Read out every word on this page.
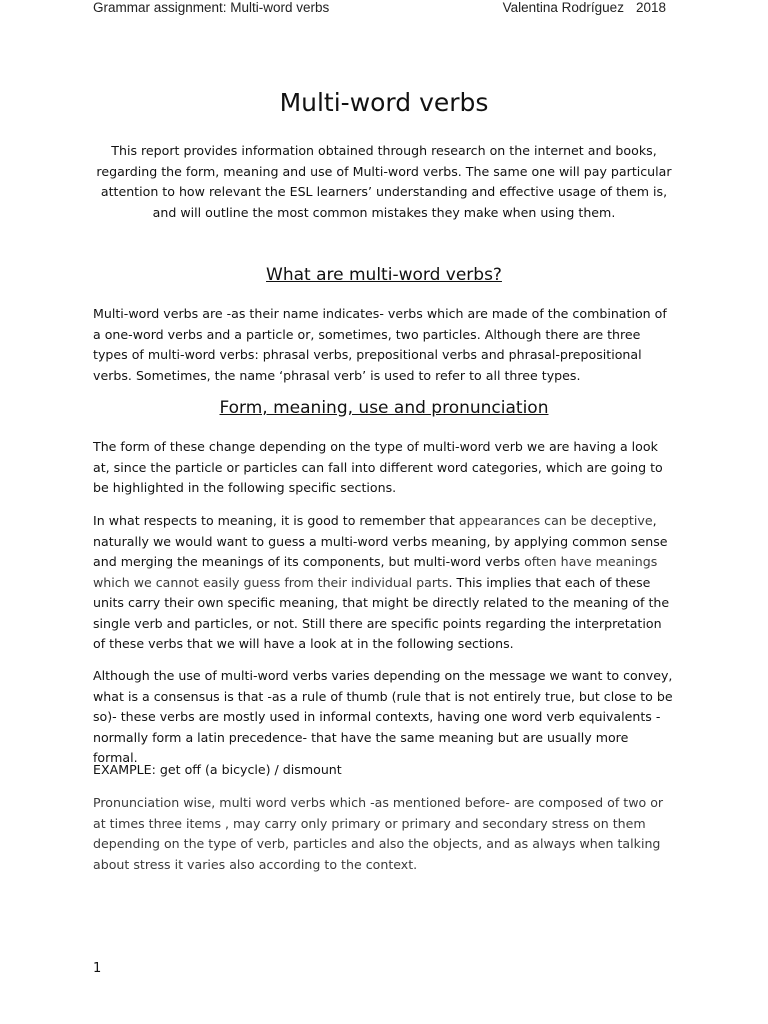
Grammar assignment: Multi-word verbs	Valentina Rodríguez 2018
Multi-word verbs

This report provides information obtained through research on the internet and books, regarding the form, meaning and use of Multi-word verbs. The same one will pay particular attention to how relevant the ESL learners’ understanding and effective usage of them is, and will outline the most common mistakes they make when using them.

What are multi-word verbs?

Multi-word verbs are -as their name indicates- verbs which are made of the combination of a one-word verbs and a particle or, sometimes, two particles. Although there are three types of multi-word verbs: phrasal verbs, prepositional verbs and phrasal-prepositional verbs. Sometimes, the name ‘phrasal verb’ is used to refer to all three types.

Form, meaning, use and pronunciation

The form of these change depending on the type of multi-word verb we are having a look at, since the particle or particles can fall into different word categories, which are going to be highlighted in the following specific sections.

In what respects to meaning, it is good to remember that appearances can be deceptive, naturally we would want to guess a multi-word verbs meaning, by applying common sense and merging the meanings of its components, but multi-word verbs often have meanings which we cannot easily guess from their individual parts. This implies that each of these units carry their own specific meaning, that might be directly related to the meaning of the single verb and particles, or not. Still there are specific points regarding the interpretation of these verbs that we will have a look at in the following sections.

Although the use of multi-word verbs varies depending on the message we want to convey, what is a consensus is that -as a rule of thumb (rule that is not entirely true, but close to be so)- these verbs are mostly used in informal contexts, having one word verb equivalents - normally form a latin precedence- that have the same meaning but are usually more formal.

EXAMPLE: get off (a bicycle) / dismount

Pronunciation wise, multi word verbs which -as mentioned before- are composed of two or at times three items , may carry only primary or primary and secondary stress on them depending on the type of verb, particles and also the objects, and as always when talking about stress it varies also according to the context.

1
